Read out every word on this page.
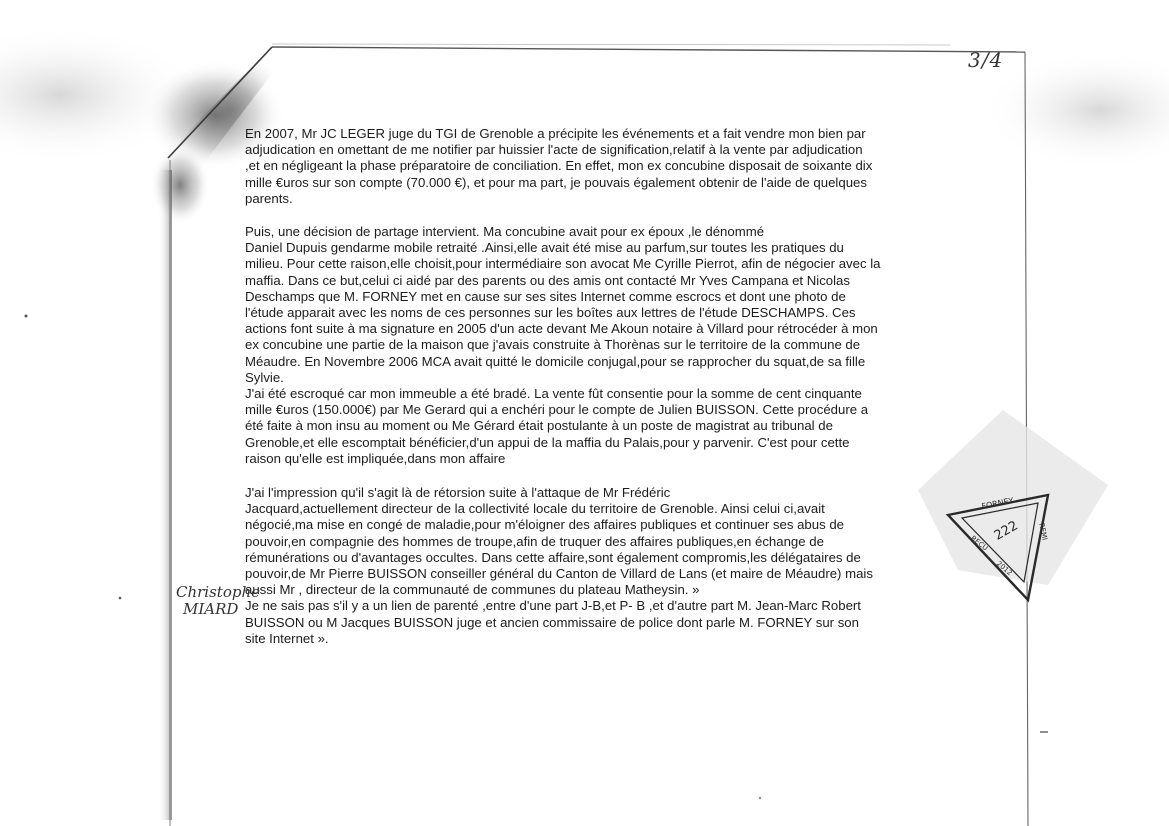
3/4
En 2007, Mr JC LEGER juge du TGI de Grenoble a précipite les événements et a fait vendre mon bien par
adjudication en omettant de me notifier par huissier l'acte de signification,relatif à la vente par adjudication
,et en négligeant la phase préparatoire de conciliation. En effet, mon ex concubine disposait de soixante dix
mille €uros sur son compte (70.000 €), et pour ma part, je pouvais également obtenir de l'aide de quelques
parents.
Puis, une décision de partage intervient. Ma concubine avait pour ex époux ,le dénommé
Daniel Dupuis gendarme mobile retraité .Ainsi,elle avait été mise au parfum,sur toutes les pratiques du
milieu. Pour cette raison,elle choisit,pour intermédiaire son avocat Me Cyrille Pierrot, afin de négocier avec la
maffia. Dans ce but,celui ci aidé par des parents ou des amis ont contacté Mr Yves Campana et Nicolas
Deschamps que M. FORNEY met en cause sur ses sites Internet comme escrocs et dont une photo de
l'étude apparait avec les noms de ces personnes sur les boîtes aux lettres de l'étude DESCHAMPS. Ces
actions font suite à ma signature en 2005 d'un acte devant Me Akoun notaire à Villard pour rétrocéder à mon
ex concubine une partie de la maison que j'avais construite à Thorènas sur le territoire de la commune de
Méaudre. En Novembre 2006 MCA avait quitté le domicile conjugal,pour se rapprocher du squat,de sa fille
Sylvie.
J'ai été escroqué car mon immeuble a été bradé. La vente fût consentie pour la somme de cent cinquante
mille €uros (150.000€) par Me Gerard qui a enchéri pour le compte de Julien BUISSON. Cette procédure a
été faite à mon insu au moment ou Me Gérard était postulante à un poste de magistrat au tribunal de
Grenoble,et elle escomptait bénéficier,d'un appui de la maffia du Palais,pour y parvenir. C'est pour cette
raison qu'elle est impliquée,dans mon affaire
J'ai l'impression qu'il s'agit là de rétorsion suite à l'attaque de Mr Frédéric
Jacquard,actuellement directeur de la collectivité locale du territoire de Grenoble. Ainsi celui ci,avait
négocié,ma mise en congé de maladie,pour m'éloigner des affaires publiques et continuer ses abus de
pouvoir,en compagnie des hommes de troupe,afin de truquer des affaires publiques,en échange de
rémunérations ou d'avantages occultes. Dans cette affaire,sont également compromis,les délégataires de
pouvoir,de Mr Pierre BUISSON conseiller général du Canton de Villard de Lans (et maire de Méaudre) mais
aussi Mr , directeur de la communauté de communes du plateau Matheysin. »
Je ne sais pas s'il y a un lien de parenté ,entre d'une part J-B,et P- B ,et d'autre part M. Jean-Marc Robert
BUISSON ou M Jacques BUISSON juge et ancien commissaire de police dont parle M. FORNEY sur son
site Internet ».
Christophe
MIARD
FORNEY
REÇU
REMI
2012
222
